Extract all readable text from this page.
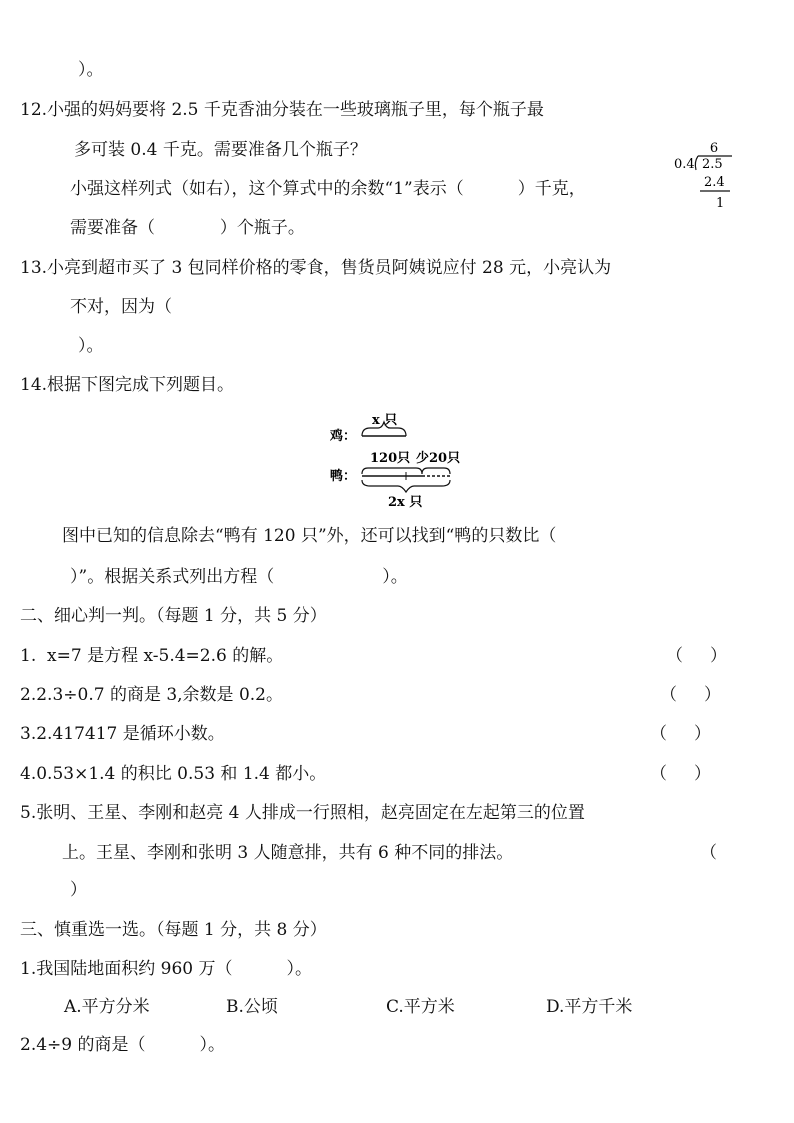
）。
12.小强的妈妈要将 2.5 千克香油分装在一些玻璃瓶子里，每个瓶子最
多可装 0.4 千克。需要准备几个瓶子？
小强这样列式（如右），这个算式中的余数“1”表示（          ）千克，
需要准备（            ）个瓶子。
6
0.4 2.5
2.4
1
13.小亮到超市买了 3 包同样价格的零食，售货员阿姨说应付 28 元，小亮认为
不对，因为（
）。
14.根据下图完成下列题目。
x 只
鸡：
120只 少20只
鸭：
2x 只
图中已知的信息除去“鸭有 120 只”外，还可以找到“鸭的只数比（
）”。根据关系式列出方程（                    ）。
二、细心判一判。（每题 1 分，共 5 分）
1.  x=7 是方程 x-5.4=2.6 的解。	（     ）
2.2.3÷0.7 的商是 3,余数是 0.2。	（     ）
3.2.417417 是循环小数。	（     ）
4.0.53×1.4 的积比 0.53 和 1.4 都小。	（     ）
5.张明、王星、李刚和赵亮 4 人排成一行照相，赵亮固定在左起第三的位置
上。王星、李刚和张明 3 人随意排，共有 6 种不同的排法。	（
）
三、慎重选一选。（每题 1 分，共 8 分）
1.我国陆地面积约 960 万（          ）。
A.平方分米	B.公顷	C.平方米	D.平方千米
2.4÷9 的商是（          ）。
